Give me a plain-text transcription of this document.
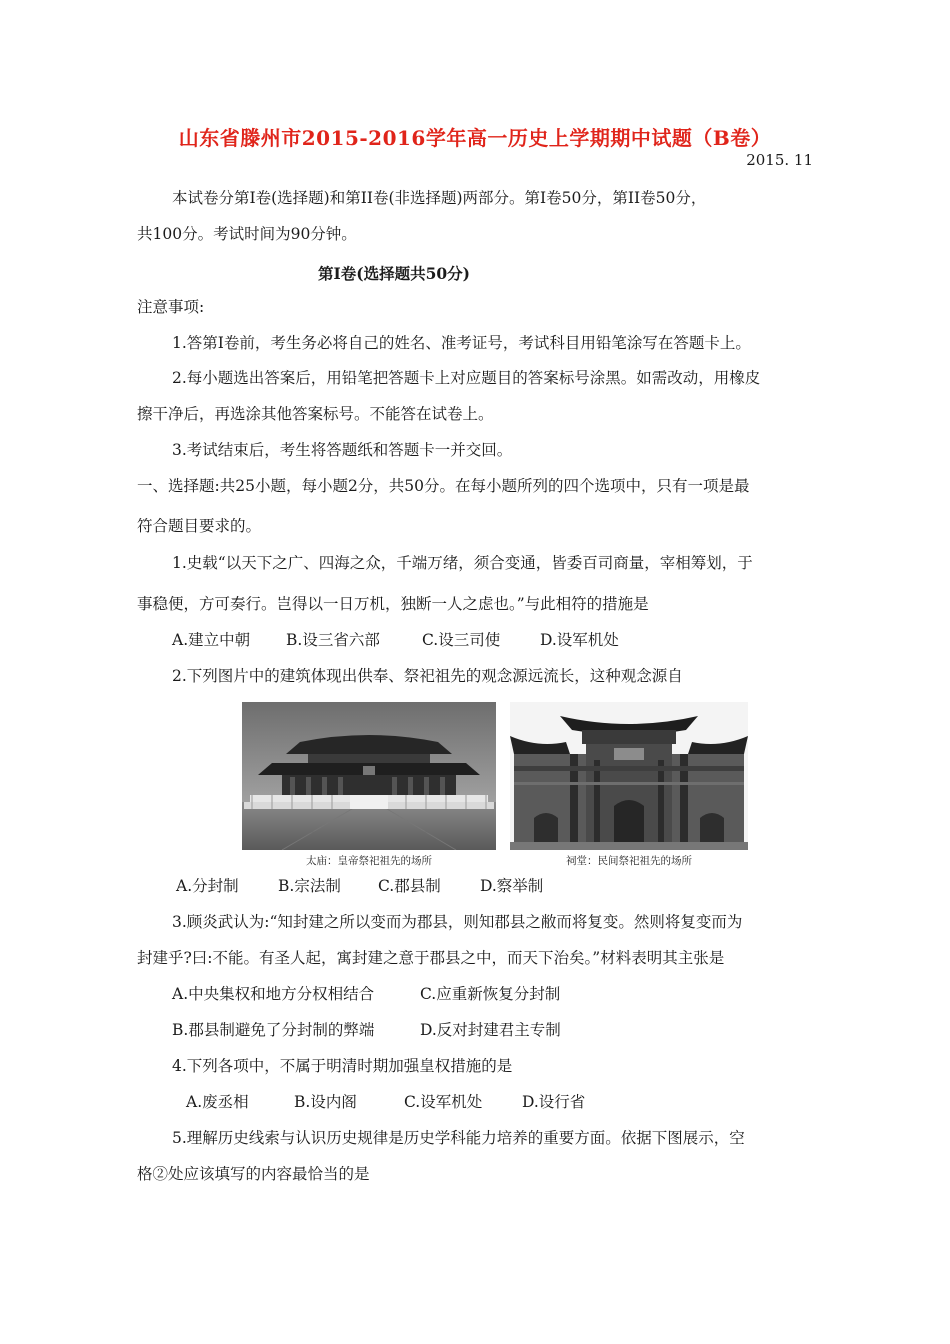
山东省滕州市2015-2016学年高一历史上学期期中试题（B卷）
2015. 11
本试卷分第Ⅰ卷(选择题)和第II卷(非选择题)两部分。第Ⅰ卷50分，第II卷50分，
共100分。考试时间为90分钟。
第Ⅰ卷(选择题共50分)
注意事项:
1.答第Ⅰ卷前，考生务必将自己的姓名、准考证号，考试科目用铅笔涂写在答题卡上。
2.每小题选出答案后，用铅笔把答题卡上对应题目的答案标号涂黑。如需改动，用橡皮
擦干净后，再选涂其他答案标号。不能答在试卷上。
3.考试结束后，考生将答题纸和答题卡一并交回。
一、选择题:共25小题，每小题2分，共50分。在每小题所列的四个选项中，只有一项是最
符合题目要求的。
1.史载“以天下之广、四海之众，千端万绪，须合变通，皆委百司商量，宰相筹划，于
事稳便，方可奏行。岂得以一日万机，独断一人之虑也。”与此相符的措施是
A.建立中朝 B.设三省六部	C.设三司使	D.设军机处
2.下列图片中的建筑体现出供奉、祭祀祖先的观念源远流长，这种观念源自
太庙：皇帝祭祀祖先的场所	祠堂：民间祭祀祖先的场所
A.分封制	B.宗法制 C.郡县制	D.察举制
3.顾炎武认为:“知封建之所以变而为郡县，则知郡县之敝而将复变。然则将复变而为
封建乎?曰:不能。有圣人起，寓封建之意于郡县之中，而天下治矣。”材料表明其主张是
A.中央集权和地方分权相结合	C.应重新恢复分封制
B.郡县制避免了分封制的弊端	D.反对封建君主专制
4.下列各项中，不属于明清时期加强皇权措施的是
A.废丞相	B.设内阁	C.设军机处	D.设行省
5.理解历史线索与认识历史规律是历史学科能力培养的重要方面。依据下图展示，空
格②处应该填写的内容最恰当的是
